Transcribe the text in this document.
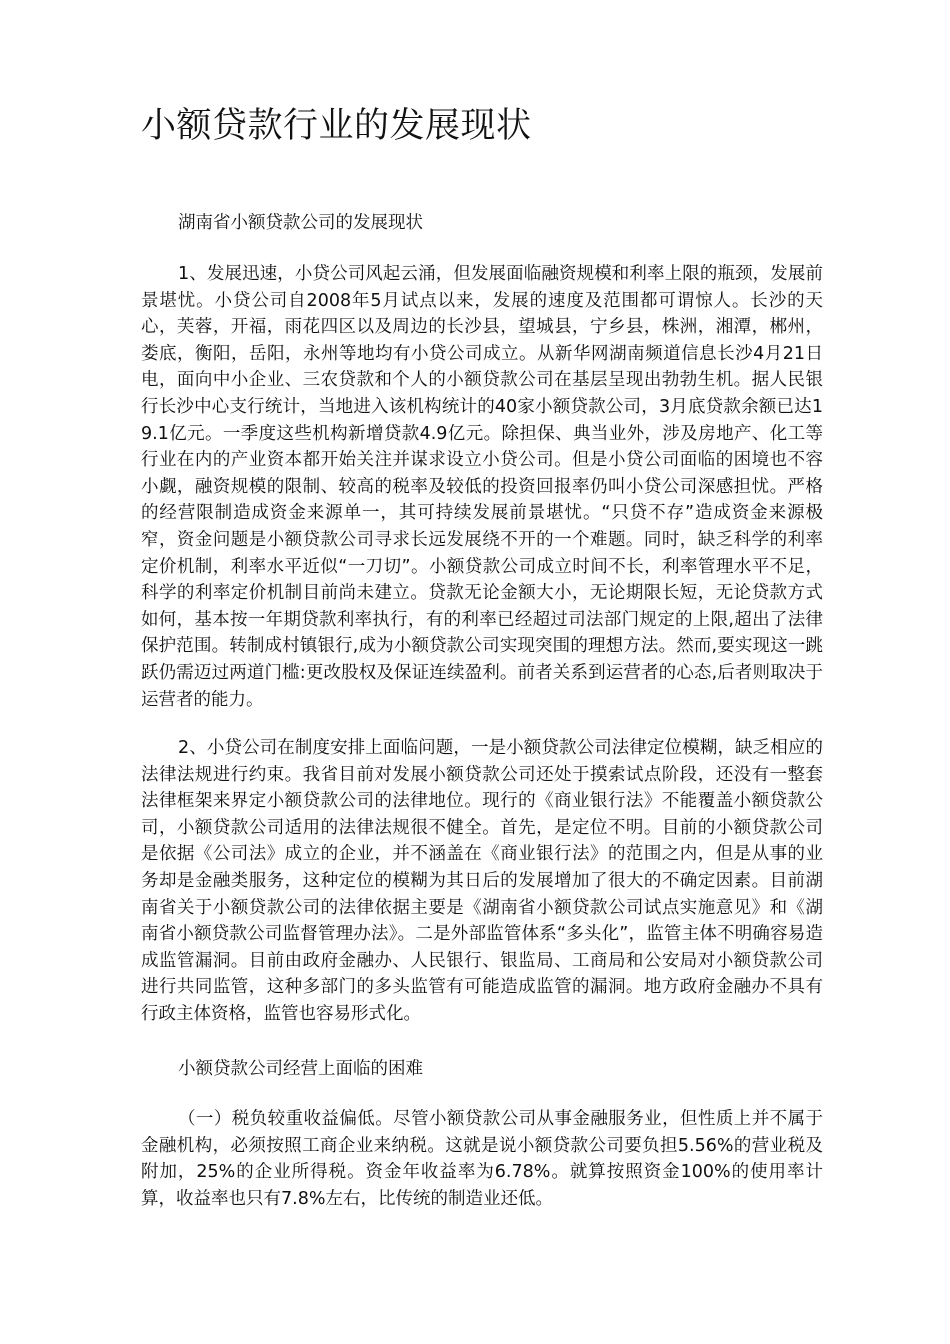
小额贷款行业的发展现状
湖南省小额贷款公司的发展现状

1、发展迅速，小贷公司风起云涌，但发展面临融资规模和利率上限的瓶颈，发展前景堪忧。小贷公司自2008年5月试点以来，发展的速度及范围都可谓惊人。长沙的天心，芙蓉，开福，雨花四区以及周边的长沙县，望城县，宁乡县，株洲，湘潭，郴州，娄底，衡阳，岳阳，永州等地均有小贷公司成立。从新华网湖南频道信息长沙4月21日电，面向中小企业、三农贷款和个人的小额贷款公司在基层呈现出勃勃生机。据人民银行长沙中心支行统计，当地进入该机构统计的40家小额贷款公司，3月底贷款余额已达19.1亿元。一季度这些机构新增贷款4.9亿元。除担保、典当业外，涉及房地产、化工等行业在内的产业资本都开始关注并谋求设立小贷公司。但是小贷公司面临的困境也不容小觑，融资规模的限制、较高的税率及较低的投资回报率仍叫小贷公司深感担忧。严格的经营限制造成资金来源单一，其可持续发展前景堪忧。“只贷不存”造成资金来源极窄，资金问题是小额贷款公司寻求长远发展绕不开的一个难题。同时，缺乏科学的利率定价机制，利率水平近似“一刀切”。小额贷款公司成立时间不长，利率管理水平不足，科学的利率定价机制目前尚未建立。贷款无论金额大小，无论期限长短，无论贷款方式如何，基本按一年期贷款利率执行，有的利率已经超过司法部门规定的上限,超出了法律保护范围。转制成村镇银行,成为小额贷款公司实现突围的理想方法。然而,要实现这一跳跃仍需迈过两道门槛:更改股权及保证连续盈利。前者关系到运营者的心态,后者则取决于运营者的能力。

2、小贷公司在制度安排上面临问题，一是小额贷款公司法律定位模糊，缺乏相应的法律法规进行约束。我省目前对发展小额贷款公司还处于摸索试点阶段，还没有一整套法律框架来界定小额贷款公司的法律地位。现行的《商业银行法》不能覆盖小额贷款公司，小额贷款公司适用的法律法规很不健全。首先，是定位不明。目前的小额贷款公司是依据《公司法》成立的企业，并不涵盖在《商业银行法》的范围之内，但是从事的业务却是金融类服务，这种定位的模糊为其日后的发展增加了很大的不确定因素。目前湖南省关于小额贷款公司的法律依据主要是《湖南省小额贷款公司试点实施意见》和《湖南省小额贷款公司监督管理办法》。二是外部监管体系“多头化”，监管主体不明确容易造成监管漏洞。目前由政府金融办、人民银行、银监局、工商局和公安局对小额贷款公司进行共同监管，这种多部门的多头监管有可能造成监管的漏洞。地方政府金融办不具有行政主体资格，监管也容易形式化。

小额贷款公司经营上面临的困难

（一）税负较重收益偏低。尽管小额贷款公司从事金融服务业，但性质上并不属于金融机构，必须按照工商企业来纳税。这就是说小额贷款公司要负担5.56%的营业税及附加，25%的企业所得税。资金年收益率为6.78%。就算按照资金100%的使用率计算，收益率也只有7.8%左右，比传统的制造业还低。
